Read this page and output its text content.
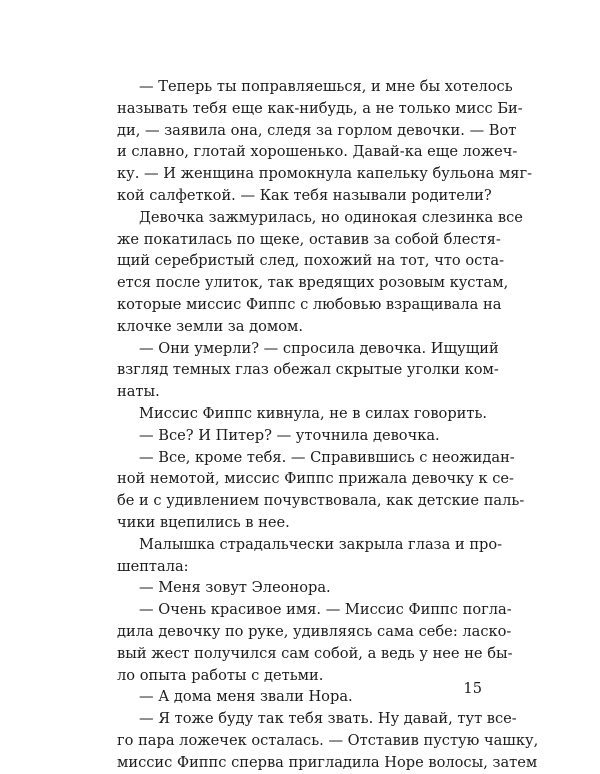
— Теперь ты поправляешься, и мне бы хотелось
называть тебя еще как-нибудь, а не только мисс Би-
ди, — заявила она, следя за горлом девочки. — Вот
и славно, глотай хорошенько. Давай-ка еще ложеч-
ку. — И женщина промокнула капельку бульона мяг-
кой салфеткой. — Как тебя называли родители?
Девочка зажмурилась, но одинокая слезинка все
же покатилась по щеке, оставив за собой блестя-
щий серебристый след, похожий на тот, что оста-
ется после улиток, так вредящих розовым кустам,
которые миссис Фиппс с любовью взращивала на
клочке земли за домом.
— Они умерли? — спросила девочка. Ищущий
взгляд темных глаз обежал скрытые уголки ком-
наты.
Миссис Фиппс кивнула, не в силах говорить.
— Все? И Питер? — уточнила девочка.
— Все, кроме тебя. — Справившись с неожидан-
ной немотой, миссис Фиппс прижала девочку к се-
бе и с удивлением почувствовала, как детские паль-
чики вцепились в нее.
Малышка страдальчески закрыла глаза и про-
шептала:
— Меня зовут Элеонора.
— Очень красивое имя. — Миссис Фиппс погла-
дила девочку по руке, удивляясь сама себе: ласко-
вый жест получился сам собой, а ведь у нее не бы-
ло опыта работы с детьми.
— А дома меня звали Нора.
— Я тоже буду так тебя звать. Ну давай, тут все-
го пара ложечек осталась. — Отставив пустую чашку,
миссис Фиппс сперва пригладила Норе волосы, затем
15
